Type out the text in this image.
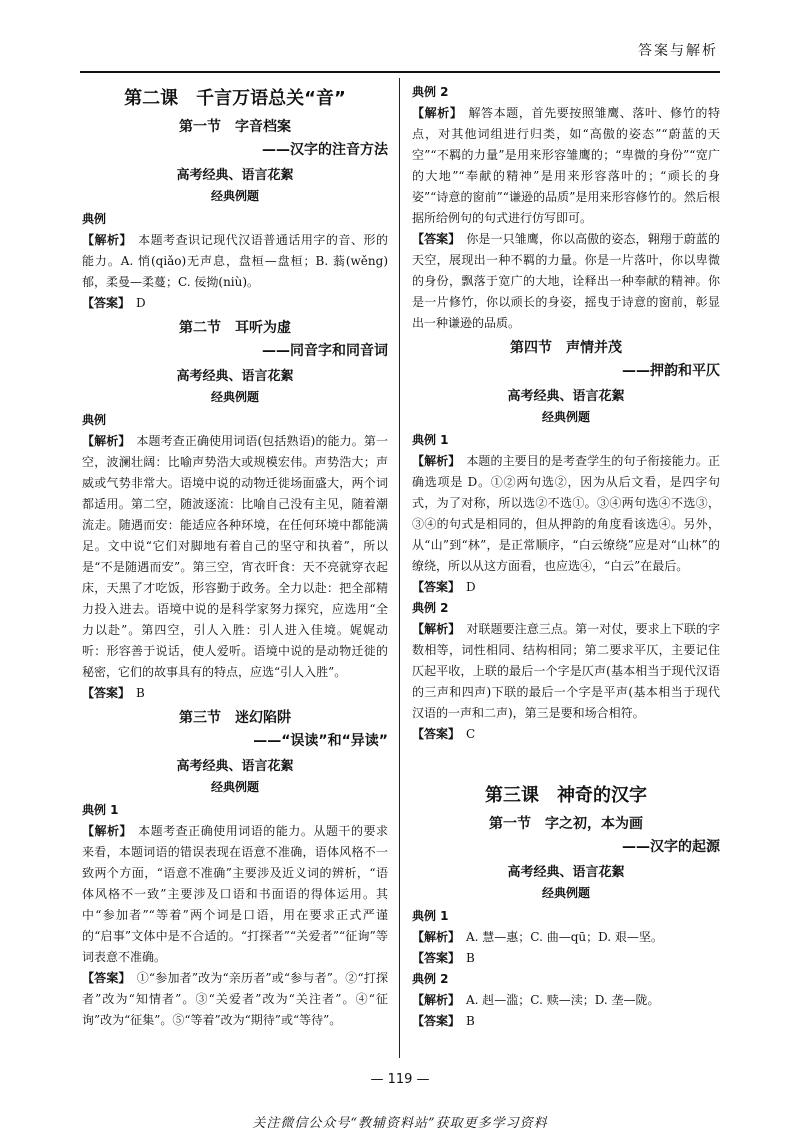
答案与解析
第二课　千言万语总关“音”
第一节　字音档案
——汉字的注音方法
高考经典、语言花絮
经典例题
典例

【解析】 本题考查识记现代汉语普通话用字的音、形的能力。A. 悄(qiǎo)无声息，盘桓—盘桓；B. 蓊(wěng)郁，柔曼—柔蔓；C. 佞拗(niù)。

【答案】 D

第二节　耳听为虚
——同音字和同音词
高考经典、语言花絮
经典例题
典例

【解析】 本题考查正确使用词语(包括熟语)的能力。第一空，波澜壮阔：比喻声势浩大或规模宏伟。声势浩大；声威或气势非常大。语境中说的动物迁徙场面盛大，两个词都适用。第二空，随波逐流：比喻自己没有主见，随着潮流走。随遇而安：能适应各种环境，在任何环境中都能满足。文中说“它们对脚地有着自己的坚守和执着”，所以是“不是随遇而安”。第三空，宵衣旰食：天不亮就穿衣起床，天黑了才吃饭，形容勤于政务。全力以赴：把全部精力投入进去。语境中说的是科学家努力探究，应选用“全力以赴”。第四空，引人入胜：引人进入佳境。娓娓动听：形容善于说话，使人爱听。语境中说的是动物迁徙的秘密，它们的故事具有的特点，应选“引人入胜”。

【答案】 B

第三节　迷幻陷阱
——“误读”和“异读”
高考经典、语言花絮
经典例题
典例 1

【解析】 本题考查正确使用词语的能力。从题干的要求来看，本题词语的错误表现在语意不准确，语体风格不一致两个方面，“语意不准确”主要涉及近义词的辨析，“语体风格不一致”主要涉及口语和书面语的得体运用。其中“参加者”“等着”两个词是口语，用在要求正式严谨的“启事”文体中是不合适的。“打探者”“关爱者”“征询”等词表意不准确。

【答案】 ①“参加者”改为“亲历者”或“参与者”。②“打探者”改为“知情者”。③“关爱者”改为“关注者”。④“征询”改为“征集”。⑤“等着”改为“期待”或“等待”。

典例 2

【解析】 解答本题，首先要按照雏鹰、落叶、修竹的特点，对其他词组进行归类，如“高傲的姿态”“蔚蓝的天空”“不羁的力量”是用来形容雏鹰的；“卑微的身份”“宽广的大地”“奉献的精神”是用来形容落叶的；“顽长的身姿”“诗意的窗前”“谦逊的品质”是用来形容修竹的。然后根据所给例句的句式进行仿写即可。

【答案】 你是一只雏鹰，你以高傲的姿态，翱翔于蔚蓝的天空，展现出一种不羁的力量。你是一片落叶，你以卑微的身份，飘落于宽广的大地，诠释出一种奉献的精神。你是一片修竹，你以顽长的身姿，摇曳于诗意的窗前，彰显出一种谦逊的品质。

第四节　声情并茂
——押韵和平仄
高考经典、语言花絮
经典例题
典例 1

【解析】 本题的主要目的是考查学生的句子衔接能力。正确选项是 D。①②两句选②，因为从后文看，是四字句式，为了对称，所以选②不选①。③④两句选④不选③，③④的句式是相同的，但从押韵的角度看该选④。另外，从“山”到“林”，是正常顺序，“白云缭绕”应是对“山林”的缭绕，所以从这方面看，也应选④，“白云”在最后。

【答案】 D

典例 2

【解析】 对联题要注意三点。第一对仗，要求上下联的字数相等，词性相同、结构相同；第二要求平仄，主要记住仄起平收，上联的最后一个字是仄声(基本相当于现代汉语的三声和四声)下联的最后一个字是平声(基本相当于现代汉语的一声和二声)，第三是要和场合相符。

【答案】 C

第三课　神奇的汉字
第一节　字之初，本为画
——汉字的起源
高考经典、语言花絮
经典例题
典例 1

【解析】 A. 慧—惠；C. 曲—qū；D. 艰—坚。

【答案】 B

典例 2

【解析】 A. 赳—滥；C. 赎—渎；D. 垄—陇。

【答案】 B

— 119 —
关注微信公众号“教辅资料站”获取更多学习资料
